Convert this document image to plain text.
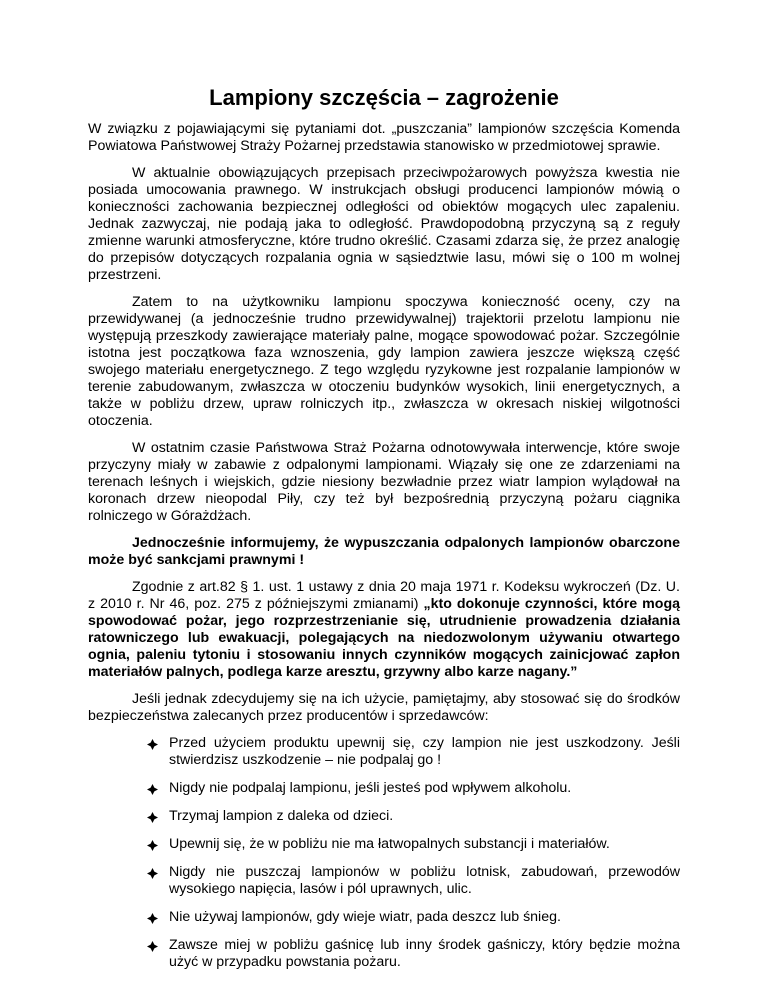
Lampiony szczęścia – zagrożenie

W związku z pojawiającymi się pytaniami dot. „puszczania” lampionów szczęścia Komenda Powiatowa Państwowej Straży Pożarnej przedstawia stanowisko w przedmiotowej sprawie.

W aktualnie obowiązujących przepisach przeciwpożarowych powyższa kwestia nie posiada umocowania prawnego. W instrukcjach obsługi producenci lampionów mówią o konieczności zachowania bezpiecznej odległości od obiektów mogących ulec zapaleniu. Jednak zazwyczaj, nie podają jaka to odległość. Prawdopodobną przyczyną są z reguły zmienne warunki atmosferyczne, które trudno określić. Czasami zdarza się, że przez analogię do przepisów dotyczących rozpalania ognia w sąsiedztwie lasu, mówi się o 100 m wolnej przestrzeni.

Zatem to na użytkowniku lampionu spoczywa konieczność oceny, czy na przewidywanej (a jednocześnie trudno przewidywalnej) trajektorii przelotu lampionu nie występują przeszkody zawierające materiały palne, mogące spowodować pożar. Szczególnie istotna jest początkowa faza wznoszenia, gdy lampion zawiera jeszcze większą część swojego materiału energetycznego. Z tego względu ryzykowne jest rozpalanie lampionów w terenie zabudowanym, zwłaszcza w otoczeniu budynków wysokich, linii energetycznych, a także w pobliżu drzew, upraw rolniczych itp., zwłaszcza w okresach niskiej wilgotności otoczenia.

W ostatnim czasie Państwowa Straż Pożarna odnotowywała interwencje, które swoje przyczyny miały w zabawie z odpalonymi lampionami. Wiązały się one ze zdarzeniami na terenach leśnych i wiejskich, gdzie niesiony bezwładnie przez wiatr lampion wylądował na koronach drzew nieopodal Piły, czy też był bezpośrednią przyczyną pożaru ciągnika rolniczego w Górażdżach.

Jednocześnie informujemy, że wypuszczania odpalonych lampionów obarczone może być sankcjami prawnymi !

Zgodnie z art.82 § 1. ust. 1 ustawy z dnia 20 maja 1971 r. Kodeksu wykroczeń (Dz. U. z 2010 r. Nr 46, poz. 275 z późniejszymi zmianami) „kto dokonuje czynności, które mogą spowodować pożar, jego rozprzestrzenianie się, utrudnienie prowadzenia działania ratowniczego lub ewakuacji, polegających na niedozwolonym używaniu otwartego ognia, paleniu tytoniu i stosowaniu innych czynników mogących zainicjować zapłon materiałów palnych, podlega karze aresztu, grzywny albo karze nagany.”

Jeśli jednak zdecydujemy się na ich użycie, pamiętajmy, aby stosować się do środków bezpieczeństwa zalecanych przez producentów i sprzedawców:

Przed użyciem produktu upewnij się, czy lampion nie jest uszkodzony. Jeśli stwierdzisz uszkodzenie – nie podpalaj go !
Nigdy nie podpalaj lampionu, jeśli jesteś pod wpływem alkoholu.
Trzymaj lampion z daleka od dzieci.
Upewnij się, że w pobliżu nie ma łatwopalnych substancji i materiałów.
Nigdy nie puszczaj lampionów w pobliżu lotnisk, zabudowań, przewodów wysokiego napięcia, lasów i pól uprawnych, ulic.
Nie używaj lampionów, gdy wieje wiatr, pada deszcz lub śnieg.
Zawsze miej w pobliżu gaśnicę lub inny środek gaśniczy, który będzie można użyć w przypadku powstania pożaru.
